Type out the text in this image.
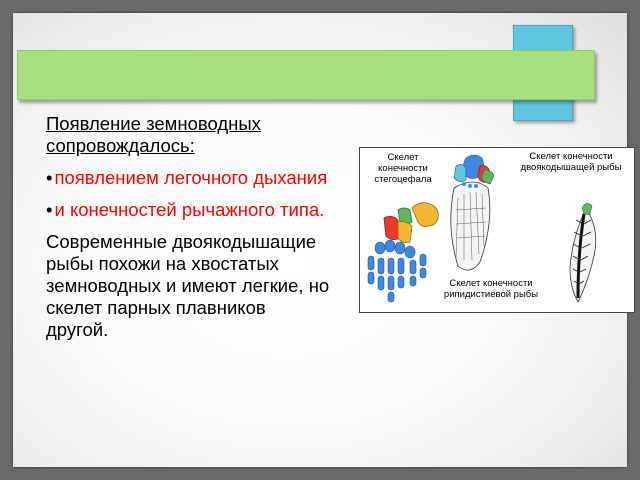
Появление земноводных сопровождалось:

• появлением легочного дыхания

• и конечностей рычажного типа.

Современные двоякодышащие рыбы похожи на хвостатых земноводных и имеют легкие, но скелет парных плавников другой.

Скелет конечности стегоцефала
Скелет конечности двоякодышащей рыбы
Скелет конечности рипидистиевой рыбы
